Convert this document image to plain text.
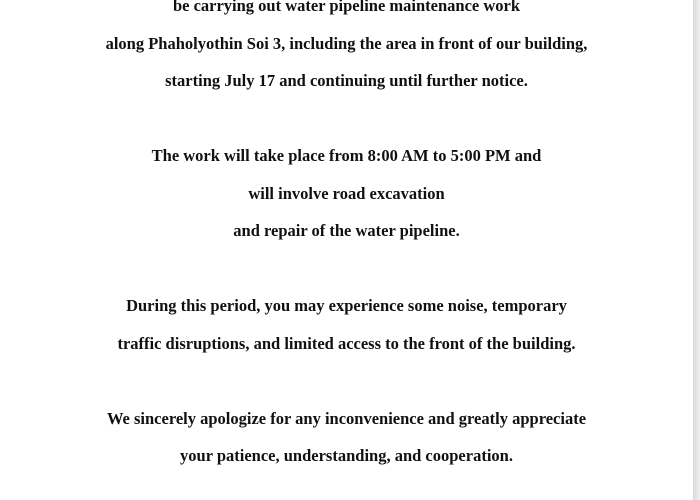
be carrying out water pipeline maintenance work
along Phaholyothin Soi 3, including the area in front of our building,
starting July 17 and continuing until further notice.
The work will take place from 8:00 AM to 5:00 PM and
will involve road excavation
and repair of the water pipeline.
During this period, you may experience some noise, temporary
traffic disruptions, and limited access to the front of the building.
We sincerely apologize for any inconvenience and greatly appreciate
your patience, understanding, and cooperation.
